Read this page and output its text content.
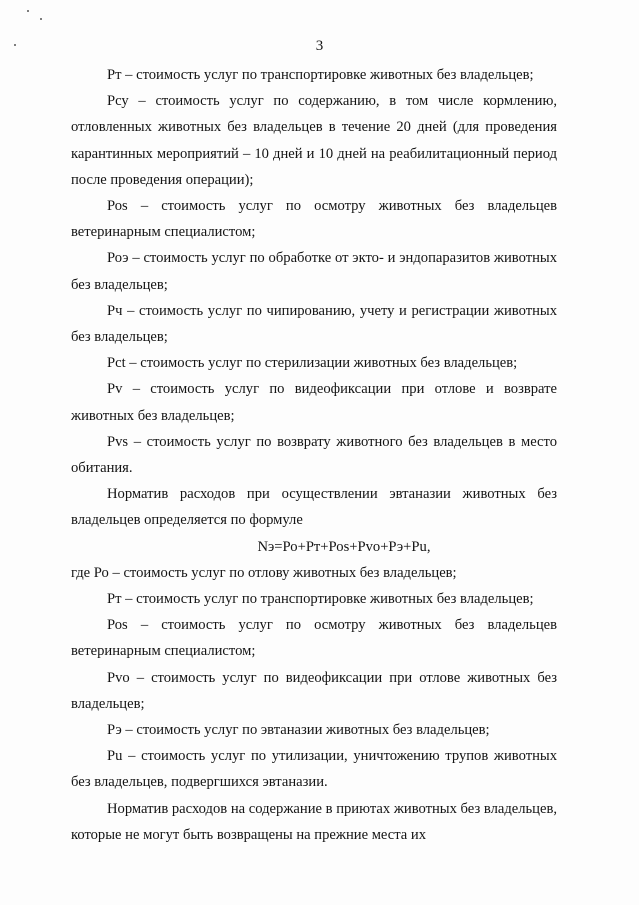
3

Рт – стоимость услуг по транспортировке животных без владельцев;

Рсу – стоимость услуг по содержанию, в том числе кормлению, отловленных животных без владельцев в течение 20 дней (для проведения карантинных мероприятий – 10 дней и 10 дней на реабилитационный период после проведения операции);

Роѕ – стоимость услуг по осмотру животных без владельцев ветеринарным специалистом;

Роэ – стоимость услуг по обработке от экто- и эндопаразитов животных без владельцев;

Рч – стоимость услуг по чипированию, учету и регистрации животных без владельцев;

Рct – стоимость услуг по стерилизации животных без владельцев;

Рv – стоимость услуг по видеофиксации при отлове и возврате животных без владельцев;

Рvs – стоимость услуг по возврату животного без владельцев в место обитания.

Норматив расходов при осуществлении эвтаназии животных без владельцев определяется по формуле

Nэ=Ро+Рт+Роѕ+Рvо+Рэ+Рu,

где Ро – стоимость услуг по отлову животных без владельцев;

Рт – стоимость услуг по транспортировке животных без владельцев;

Роѕ – стоимость услуг по осмотру животных без владельцев ветеринарным специалистом;

Рvо – стоимость услуг по видеофиксации при отлове животных без владельцев;

Рэ – стоимость услуг по эвтаназии животных без владельцев;

Рu – стоимость услуг по утилизации, уничтожению трупов животных без владельцев, подвергшихся эвтаназии.

Норматив расходов на содержание в приютах животных без владельцев, которые не могут быть возвращены на прежние места их
